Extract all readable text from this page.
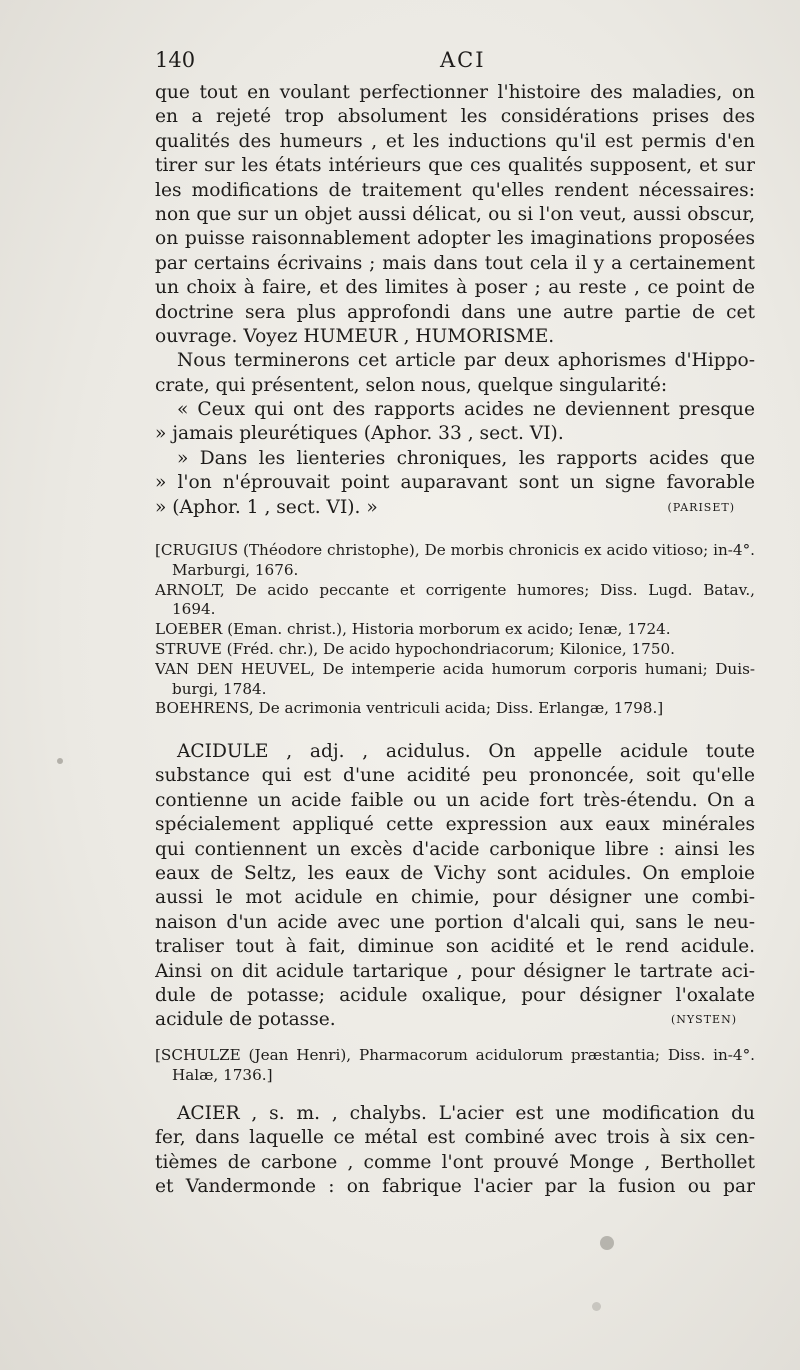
140	ACI
que tout en voulant perfectionner l'histoire des maladies, on
en a rejeté trop absolument les considérations prises des
qualités des humeurs , et les inductions qu'il est permis d'en
tirer sur les états intérieurs que ces qualités supposent, et sur
les modifications de traitement qu'elles rendent nécessaires:
non que sur un objet aussi délicat, ou si l'on veut, aussi obscur,
on puisse raisonnablement adopter les imaginations proposées
par certains écrivains ; mais dans tout cela il y a certainement
un choix à faire, et des limites à poser ; au reste , ce point de
doctrine sera plus approfondi dans une autre partie de cet
ouvrage. Voyez HUMEUR , HUMORISME.
Nous terminerons cet article par deux aphorismes d'Hippo-
crate, qui présentent, selon nous, quelque singularité:
« Ceux qui ont des rapports acides ne deviennent presque
» jamais pleurétiques (Aphor. 33 , sect. VI).
» Dans les lienteries chroniques, les rapports acides que
» l'on n'éprouvait point auparavant sont un signe favorable
» (Aphor. 1 , sect. VI). »	(PARISET)
[CRUGIUS (Théodore christophe), De morbis chronicis ex acido vitioso; in-4°.
Marburgi, 1676.
ARNOLT, De acido peccante et corrigente humores; Diss. Lugd. Batav.,
1694.
LOEBER (Eman. christ.), Historia morborum ex acido; Ienæ, 1724.
STRUVE (Fréd. chr.), De acido hypochondriacorum; Kilonice, 1750.
VAN DEN HEUVEL, De intemperie acida humorum corporis humani; Duis-
burgi, 1784.
BOEHRENS, De acrimonia ventriculi acida; Diss. Erlangæ, 1798.]
ACIDULE , adj. , acidulus. On appelle acidule toute
substance qui est d'une acidité peu prononcée, soit qu'elle
contienne un acide faible ou un acide fort très-étendu. On a
spécialement appliqué cette expression aux eaux minérales
qui contiennent un excès d'acide carbonique libre : ainsi les
eaux de Seltz, les eaux de Vichy sont acidules. On emploie
aussi le mot acidule en chimie, pour désigner une combi-
naison d'un acide avec une portion d'alcali qui, sans le neu-
traliser tout à fait, diminue son acidité et le rend acidule.
Ainsi on dit acidule tartarique , pour désigner le tartrate aci-
dule de potasse; acidule oxalique, pour désigner l'oxalate
acidule de potasse.	(NYSTEN)
[SCHULZE (Jean Henri), Pharmacorum acidulorum præstantia; Diss. in-4°.
Halæ, 1736.]
ACIER , s. m. , chalybs. L'acier est une modification du
fer, dans laquelle ce métal est combiné avec trois à six cen-
tièmes de carbone , comme l'ont prouvé Monge , Berthollet
et Vandermonde : on fabrique l'acier par la fusion ou par
